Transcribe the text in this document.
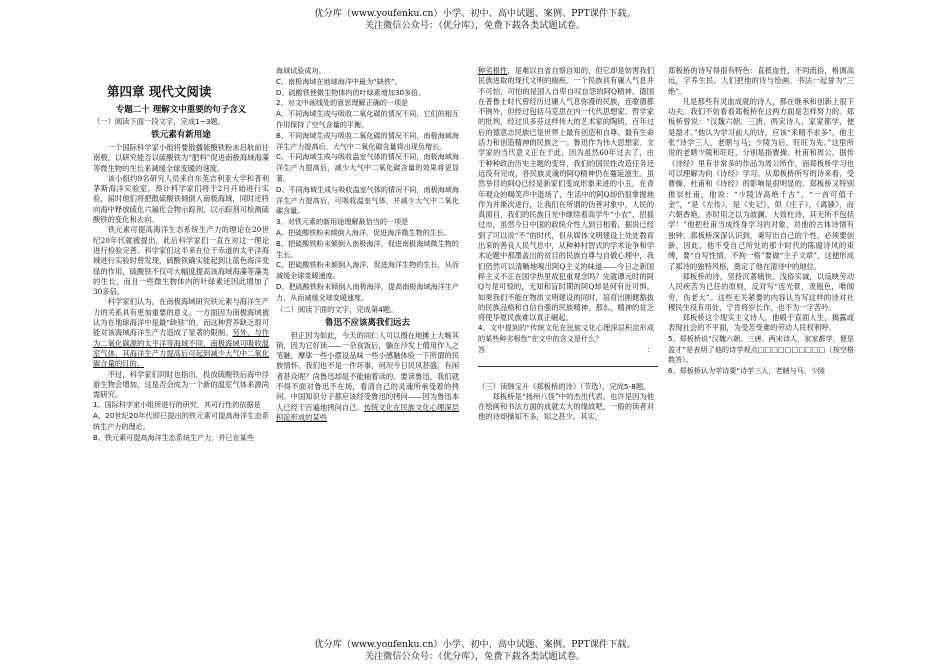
优分库（www.youfenku.cn）小学、初中、高中试题、案例、PPT课件下载。
关注微信公众号：（优分库），免费下载各类试题试卷。
第四章 现代文阅读
专题二十 理解文中重要的句子含义

（一）阅读下面一段文字，完成1~3题。

铁元素有新用途

一个国际科学家小组将要散播硫酸铁粉末启航前往南极，以研究能否以硫酸铁为“肥料”促进南极海域海藻等微生物的生长来减缓全球变暖的速度。

该小组约9名研究人员来自东英吉利亚大学和普利茅斯海洋实验室。预计科学家们将于2月开始进行实验，届时他们将把散硫酸铁倾倒入南极海域，同时还将向海中释放硫化六氟化合物示踪剂，以示踪剂可检测硫酸铁的变化和去向。

铁元素可提高海洋生态系统生产力的理论在20世纪20年代就被提出，此后科学家们一直在对这一理论进行检验完善。科学家们这半来在位于赤道的太平洋海域进行实验时曾发现，硫酸铁确实能起到让蓝色海洋变绿的作用，硫酸铁不仅可大幅度提高该海域海藻等藻类的生长，而且一些微生物体内的叶绿素还因此增加了30多倍。

科学家们认为，在南极海域研究铁元素与海洋生产力的关系具有更加重要的意义。一方面因为南极海域被认为在地球海洋中是最“缺铁”的，而这种营养缺乏很可能对该海域海洋生产力造成了显著的限制。另外，与作为二氧化碳源的太平洋等海域不同，南极海域可吸收温室气体，其海洋生产力提高后可起到减少大气中二氧化碳含量的目的。

不过，科学家们同时也指出，投放硫酸铁后海中浮游生物会增加，这是否会成为一个新的温室气体来源尚需研究。

1、国际科学家小组所进行的研究，其可行性的依据是

A、20世纪20年代即已提出的铁元素可提高海洋生态系统生产力的理论。

B、铁元素可提高海洋生态系统生产力，并已在某些

海域试验成功。

C、南极海域在地球海洋中最为“缺铁”。

D、硫酸铁使微生物体内的叶绿素增加30多倍。

2、对文中画线处的意思理解正确的一项是

A、不同海域生成与吸收二氧化碳的情况不同，它们的相互作用保持了空气含量的平衡。

B、不同海域生成与吸收二氧化碳的情况不同，南极海域海洋生产力提高后，大气中二氧化碳含量将出现负增长。

C、不同海域生成与吸收温室气体的情况不同，南极海域海洋生产力提高后，减少大气中二氧化碳含量的效果将更显著。

D、不同海域生成与吸收温室气体的情况不同，南极海域海洋生产力提高后，可吸收温室气体，并减少大气中二氧化碳含量。

3、对铁元素的新用途理解最恰当的一项是

A、把硫酸铁粉末倾倒入海洋，促进海洋微生物的生长。

B、把硫酸铁粉末倾倒入南极海洋，促进南极海域微生物的生长。

C、把硫酸铁粉末倾倒入海洋，促进海洋生物的生长，从而减缓全球变暖速度。

D、把硫酸铁粉末倾倒入南极海洋，提高南极海域海洋生产力，从而减缓全球变暖速度。

（二）阅读下面的文字，完成第4题。

鲁迅不应该离我们远去

但正因为如此，今天的同仁人可以擦在地摊上大畅其销，因为它好读——一杂食饭后，躺在沙发上僧用作人之笔触，摩挲一些小摆设品味一些小感触体验一下所谓的民族情怀。我们也不是一件坏事，何况今日民风甚盛，有闲者甚众呢？尚鲁迅却是不能轴着读的。要读鲁迅，我们就不得不面对鲁迅不在场，看清自己的灵魂所承受着的拷问。中国知识分子都应该经受鲁迅的拷问——因为鲁迅本人已经干百遍地拷问自己。传统文化在民族文化心理深层积淀形成的某些

种劣根性，是难以自省自察自知的，但它却是妨害我们民族进取的现代文明的痼疾。一个民族具有庸人气息并不可怕，可怕的是国人自卑自叹自怨的阿Q精神。德国在普鲁士时代曾经历过庸人气息弥漫的民族，连歌德都不例外，但经过包括马克思在内一代代思想家、哲学家的批判，经过贝多芬这样伟大的艺术家的陶铸，百年过后的德意志民族已是世界上最有创造和自尊、最有生命活力和创造精神的民族之一。鲁迅作为伟大思想家、文学家的当代意义正在于此，因为虽然60年过去了，由于种种政治历史主题的变异，我们的国民性改造任务还远没有完成，各民族灵魂的阿Q精神仍在蔓延滋生。虽然举目的阿Q已经是新家们变成形象来进的小丑，在青年观众的喝笑声中退场了，生活中的阿Q却仍很掌握地作为并渐次进行，让我们在所谓的伪善对象中，人民的真面目，我们的民族日光中继续着高学牛“小农”，招摇过市，虽然今日中国的政统介性人到日相看，据说已经到了可以说“不”的时代，但从媒体文明建设上处处教育出来的善良人民气息中，从种种村智式的学术论争和学术论题中那墨盖出的贫目的民族自尊与自做心理中，我们仍然可以清晰地嗅出阿Q主义的味道——今日之新国粹主义不正在国学热里故犯重观念吗？先就谭元时的阿Q与是可惊的，无知和盲时期的阿Q却是何有近可惧。如果我们不能在物质文明建设的同时，培育出刚健豁拔的民族品格和自信自强的民族精神，那么，精神的贫乏将使华夏民族难以真正崛起。

4、文中提到的“传统文化在民族文化心理深层积淀形成的某些种劣根性”在文中的含义是什么？

答：

（三）读韩宝升《郑板桥的诗》（节选），完成5-8题。

郑板桥是“扬州八怪”中的杰出代表。也许是因为他在绘画和书法方面的成就太大的缘故吧，一般的读者对他的诗却操知不多，知之甚少。其实，

郑板桥的诗写得很有特色：直抵血性，不同流俗，格调高远，字养生民。人们把他的诗与绘画、书法一起誉为“三绝”。

凡是那些有灵血成就的诗人，都在继承和创新上很下功夫。我们不妨看看郑板桥在这两方面是怎样努力的。郑板桥曾说：“汉魏六朝、三唐、两宋诗人，家家都学，便是盈才。”他认为学习前人的诗，应该“来精不求多”，他主张“诗学三人，老瞎与马；少陵为后，旺旺为先。”这里所说的老瞎少陵和旺旺，分别是指曹操、杜甫和周公。据传《诗经》里有非常多的作品为周公所作，而郑板桥学习也可以理解为向《诗经》学习。从郑板桥所写的诗来看，受曹操、杜甫和《诗经》的影响是很明显的。郑板桥又特别推崇杜甫，他说：“少陵诗高绝千古”，“一首可值千金”，“是《左传》，是《史记》，似《庄子》，《离骚》，而六朝香艳，亦时用之以为波澜。大致杜诗，其无所不包括学！”他把杜甫当成终身学习的对象，对他的古体诗情有独钟。郑板桥深深认识到，秉写出自己的个性，必须要创新，因此，他不受自己所处的那个时代的陈腐诗风的束缚，要“自写性情，不拘一格”要做“主子文章”，这便形成了郑诗的独特风格，奠定了他在清诗中的地位。

郑板桥的诗，坚持沉著痛快、浅俗实诚，以反映劳动人民疾苦为已任的原则，反对写“连光景，羡瓶色，唯闻穷，伤老大”。这些无关紧要的内容认为写这样的诗对社稷民生没有用处，宁肯将岁长作，也不为一字苦吟。

郑板桥这个现实主义诗人，他殿于直面人生，揭露或表现社会的不平面，为受苦受难的劳动人民权利呼。

5、郑板桥说“汉魏六朝、三唐、两宋诗人，家家都学，便是盈才”是表明了他的诗学观点□□□□□□□□□□（按空格数答）。

6、郑板桥认为学诗要“诗学三人，老瞎与马，少陵

优分库（www.youfenku.cn）小学、初中、高中试题、案例、PPT课件下载。
关注微信公众号：（优分库），免费下载各类试题试卷。
